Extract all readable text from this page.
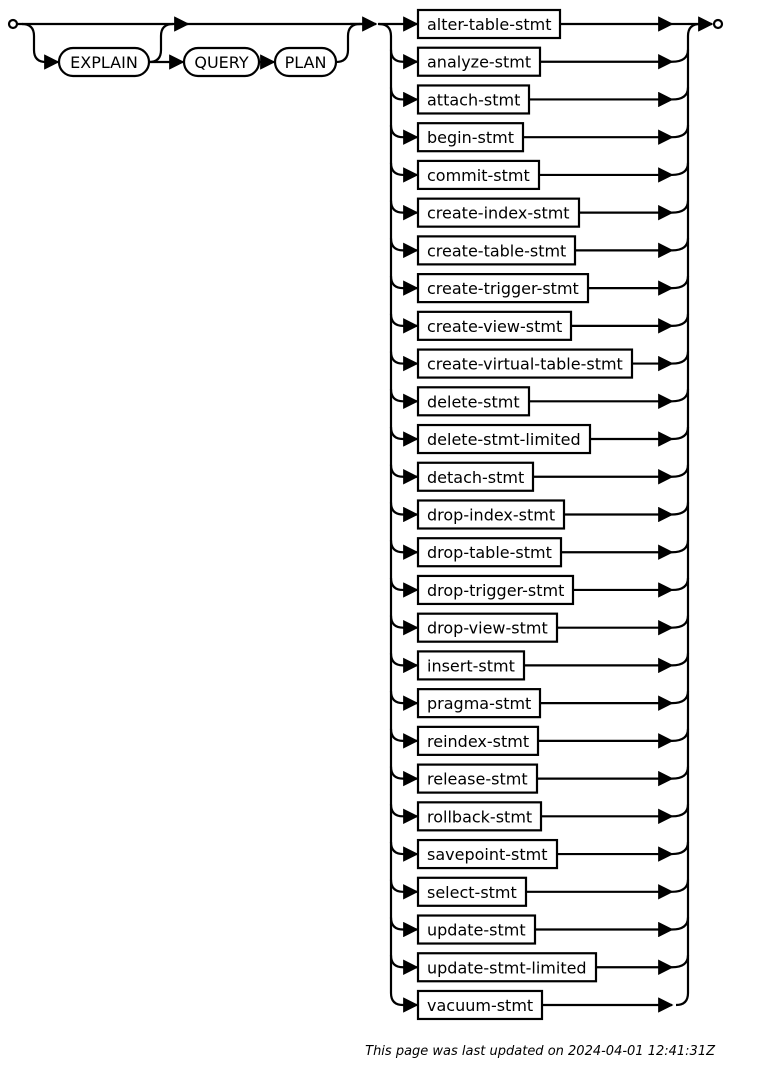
EXPLAIN	QUERY PLAN
alter-table-stmt
analyze-stmt
attach-stmt
begin-stmt
commit-stmt
create-index-stmt
create-table-stmt
create-trigger-stmt
create-view-stmt
create-virtual-table-stmt
delete-stmt
delete-stmt-limited
detach-stmt
drop-index-stmt
drop-table-stmt
drop-trigger-stmt
drop-view-stmt
insert-stmt
pragma-stmt
reindex-stmt
release-stmt
rollback-stmt
savepoint-stmt
select-stmt
update-stmt
update-stmt-limited
vacuum-stmt
This page was last updated on 2024-04-01 12:41:31Z
